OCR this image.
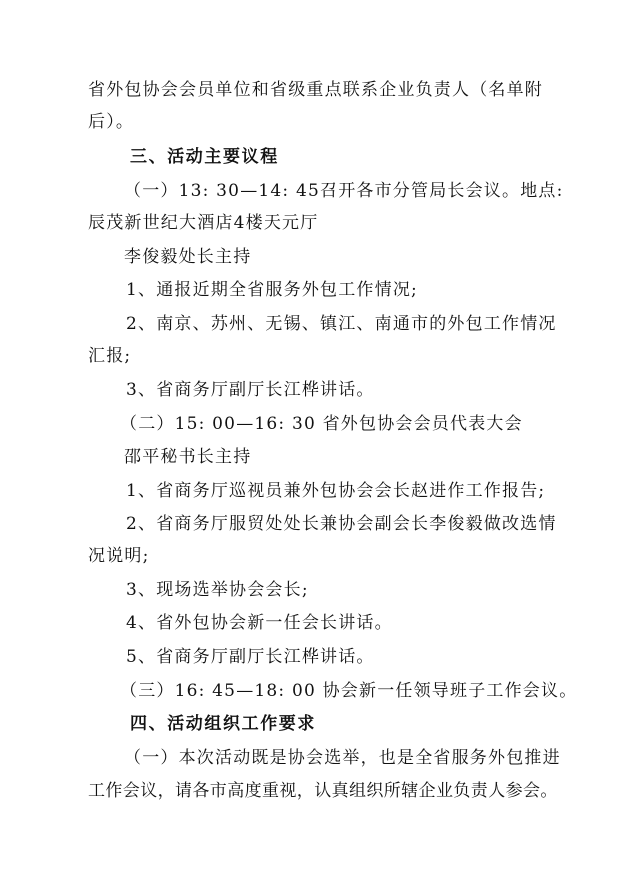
省外包协会会员单位和省级重点联系企业负责人（名单附
后）。
三、活动主要议程
（一）13: 30—14: 45召开各市分管局长会议。地点:
辰茂新世纪大酒店4楼天元厅
李俊毅处长主持
1、通报近期全省服务外包工作情况;
2、南京、苏州、无锡、镇江、南通市的外包工作情况
汇报;
3、省商务厅副厅长江桦讲话。
（二）15: 00—16: 30 省外包协会会员代表大会
邵平秘书长主持
1、省商务厅巡视员兼外包协会会长赵进作工作报告;
2、省商务厅服贸处处长兼协会副会长李俊毅做改选情
况说明;
3、现场选举协会会长;
4、省外包协会新一任会长讲话。
5、省商务厅副厅长江桦讲话。
（三）16: 45—18: 00 协会新一任领导班子工作会议。
四、活动组织工作要求
（一）本次活动既是协会选举，也是全省服务外包推进
工作会议，请各市高度重视，认真组织所辖企业负责人参会。
